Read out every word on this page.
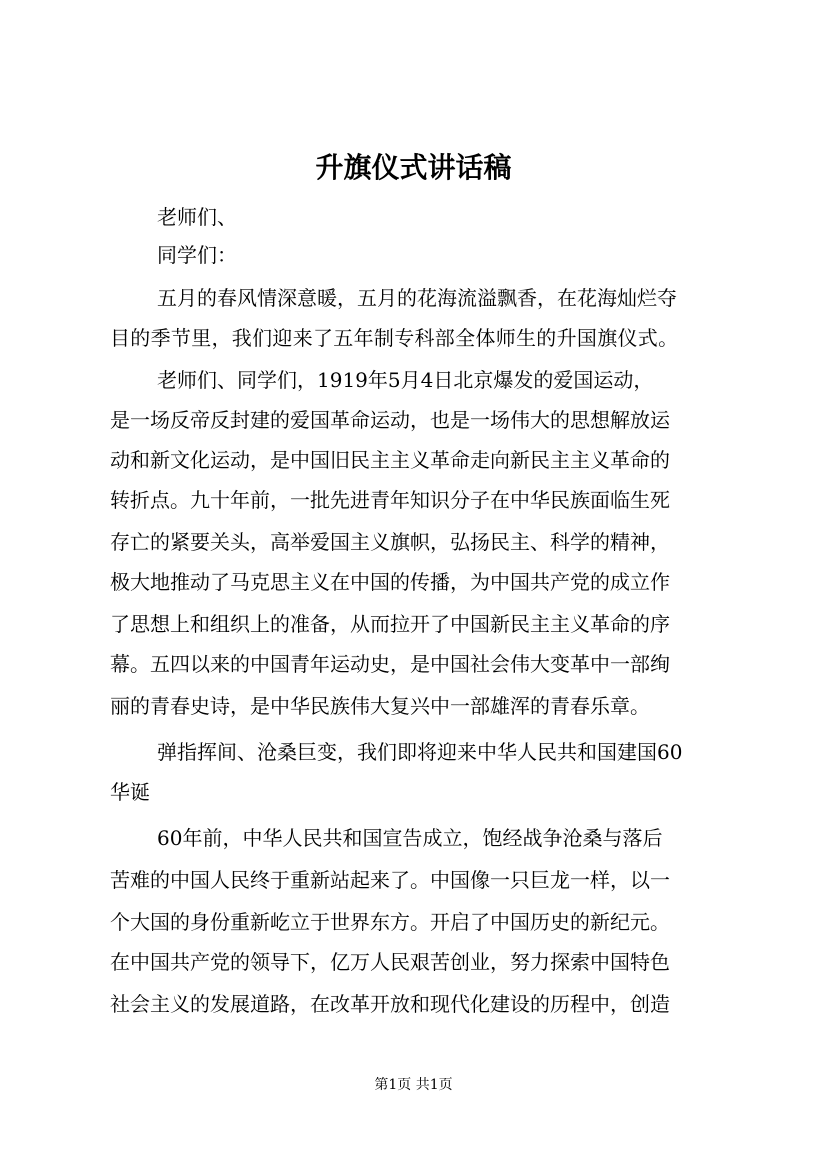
升旗仪式讲话稿
老师们、
同学们：
五月的春风情深意暖，五月的花海流溢飘香，在花海灿烂夺
目的季节里，我们迎来了五年制专科部全体师生的升国旗仪式。
老师们、同学们，1919年5月4日北京爆发的爱国运动，
是一场反帝反封建的爱国革命运动，也是一场伟大的思想解放运
动和新文化运动，是中国旧民主主义革命走向新民主主义革命的
转折点。九十年前，一批先进青年知识分子在中华民族面临生死
存亡的紧要关头，高举爱国主义旗帜，弘扬民主、科学的精神，
极大地推动了马克思主义在中国的传播，为中国共产党的成立作
了思想上和组织上的准备，从而拉开了中国新民主主义革命的序
幕。五四以来的中国青年运动史，是中国社会伟大变革中一部绚
丽的青春史诗，是中华民族伟大复兴中一部雄浑的青春乐章。
弹指挥间、沧桑巨变，我们即将迎来中华人民共和国建国60
华诞
60年前，中华人民共和国宣告成立，饱经战争沧桑与落后
苦难的中国人民终于重新站起来了。中国像一只巨龙一样，以一
个大国的身份重新屹立于世界东方。开启了中国历史的新纪元。
在中国共产党的领导下，亿万人民艰苦创业，努力探索中国特色
社会主义的发展道路，在改革开放和现代化建设的历程中，创造
第1页 共1页
